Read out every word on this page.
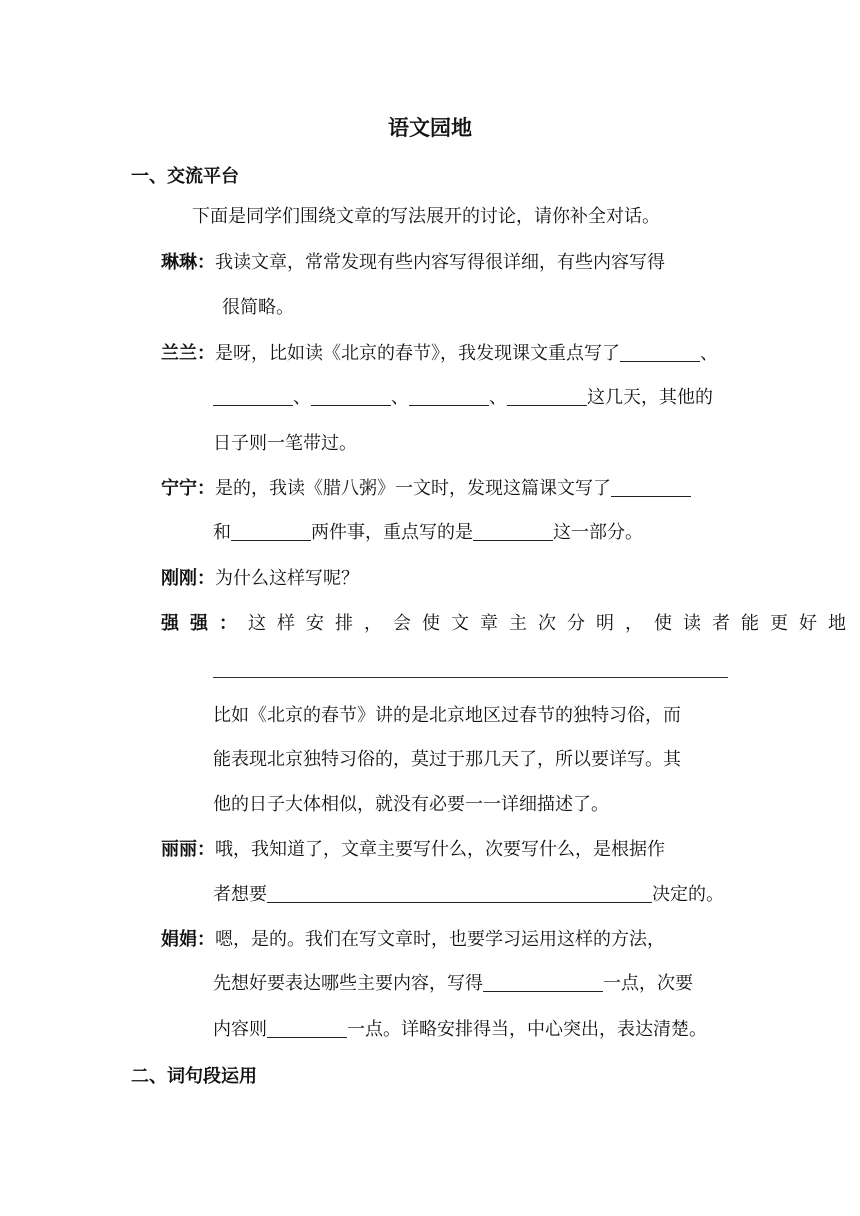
语文园地
一、交流平台
下面是同学们围绕文章的写法展开的讨论，请你补全对话。
琳琳：我读文章，常常发现有些内容写得很详细，有些内容写得
很简略。
兰兰：是呀，比如读《北京的春节》，我发现课文重点写了	、
、	、	、	这几天，其他的
日子则一笔带过。
宁宁：是的，我读《腊八粥》一文时，发现这篇课文写了
和	两件事，重点写的是	这一部分。
刚刚：为什么这样写呢？
强强：这样安排，会使文章主次分明，使读者能更好地
比如《北京的春节》讲的是北京地区过春节的独特习俗，而
能表现北京独特习俗的，莫过于那几天了，所以要详写。其
他的日子大体相似，就没有必要一一详细描述了。
丽丽：哦，我知道了，文章主要写什么，次要写什么，是根据作
者想要	决定的。
娟娟：嗯，是的。我们在写文章时，也要学习运用这样的方法，
先想好要表达哪些主要内容，写得	一点，次要
内容则	一点。详略安排得当，中心突出，表达清楚。
二、词句段运用
